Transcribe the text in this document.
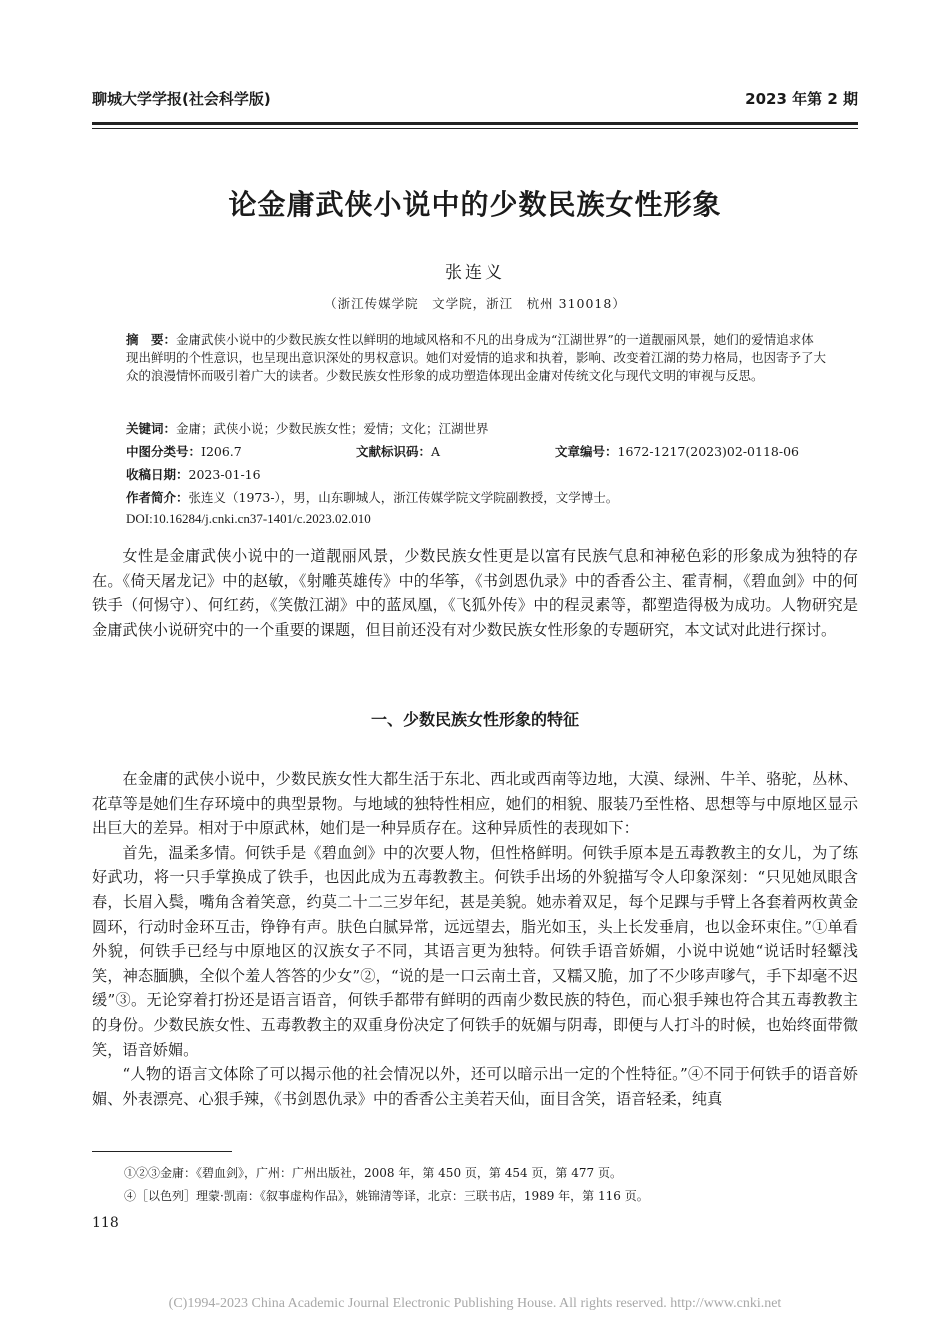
聊城大学学报(社会科学版)	2023 年第 2 期
论金庸武侠小说中的少数民族女性形象
张连义
（浙江传媒学院　文学院，浙江　杭州 310018）
摘　要：金庸武侠小说中的少数民族女性以鲜明的地域风格和不凡的出身成为“江湖世界”的一道靓丽风景，她们的爱情追求体现出鲜明的个性意识，也呈现出意识深处的男权意识。她们对爱情的追求和执着，影响、改变着江湖的势力格局，也因寄予了大众的浪漫情怀而吸引着广大的读者。少数民族女性形象的成功塑造体现出金庸对传统文化与现代文明的审视与反思。
关键词：金庸；武侠小说；少数民族女性；爱情；文化；江湖世界
中图分类号：I206.7	文献标识码：A	文章编号：1672-1217(2023)02-0118-06
收稿日期：2023-01-16
作者简介：张连义（1973-），男，山东聊城人，浙江传媒学院文学院副教授，文学博士。
DOI:10.16284/j.cnki.cn37-1401/c.2023.02.010

女性是金庸武侠小说中的一道靓丽风景，少数民族女性更是以富有民族气息和神秘色彩的形象成为独特的存在。《倚天屠龙记》中的赵敏，《射雕英雄传》中的华筝，《书剑恩仇录》中的香香公主、霍青桐，《碧血剑》中的何铁手（何惕守）、何红药，《笑傲江湖》中的蓝凤凰，《飞狐外传》中的程灵素等，都塑造得极为成功。人物研究是金庸武侠小说研究中的一个重要的课题，但目前还没有对少数民族女性形象的专题研究，本文试对此进行探讨。

一、少数民族女性形象的特征

在金庸的武侠小说中，少数民族女性大都生活于东北、西北或西南等边地，大漠、绿洲、牛羊、骆驼，丛林、花草等是她们生存环境中的典型景物。与地域的独特性相应，她们的相貌、服装乃至性格、思想等与中原地区显示出巨大的差异。相对于中原武林，她们是一种异质存在。这种异质性的表现如下：

首先，温柔多情。何铁手是《碧血剑》中的次要人物，但性格鲜明。何铁手原本是五毒教教主的女儿，为了练好武功，将一只手掌换成了铁手，也因此成为五毒教教主。何铁手出场的外貌描写令人印象深刻：“只见她凤眼含春，长眉入鬓，嘴角含着笑意，约莫二十二三岁年纪，甚是美貌。她赤着双足，每个足踝与手臂上各套着两枚黄金圆环，行动时金环互击，铮铮有声。肤色白腻异常，远远望去，脂光如玉，头上长发垂肩，也以金环束住。”①单看外貌，何铁手已经与中原地区的汉族女子不同，其语言更为独特。何铁手语音娇媚，小说中说她“说话时轻颦浅笑，神态腼腆，全似个羞人答答的少女”②，“说的是一口云南土音，又糯又脆，加了不少哆声嗲气，手下却毫不迟缓”③。无论穿着打扮还是语言语音，何铁手都带有鲜明的西南少数民族的特色，而心狠手辣也符合其五毒教教主的身份。少数民族女性、五毒教教主的双重身份决定了何铁手的妩媚与阴毒，即便与人打斗的时候，也始终面带微笑，语音娇媚。

“人物的语言文体除了可以揭示他的社会情况以外，还可以暗示出一定的个性特征。”④不同于何铁手的语音娇媚、外表漂亮、心狠手辣，《书剑恩仇录》中的香香公主美若天仙，面目含笑，语音轻柔，纯真

①②③金庸：《碧血剑》，广州：广州出版社，2008 年，第 450 页，第 454 页，第 477 页。
④［以色列］理蒙·凯南：《叙事虚构作品》，姚锦清等译，北京：三联书店，1989 年，第 116 页。
118
(C)1994-2023 China Academic Journal Electronic Publishing House. All rights reserved. http://www.cnki.net
